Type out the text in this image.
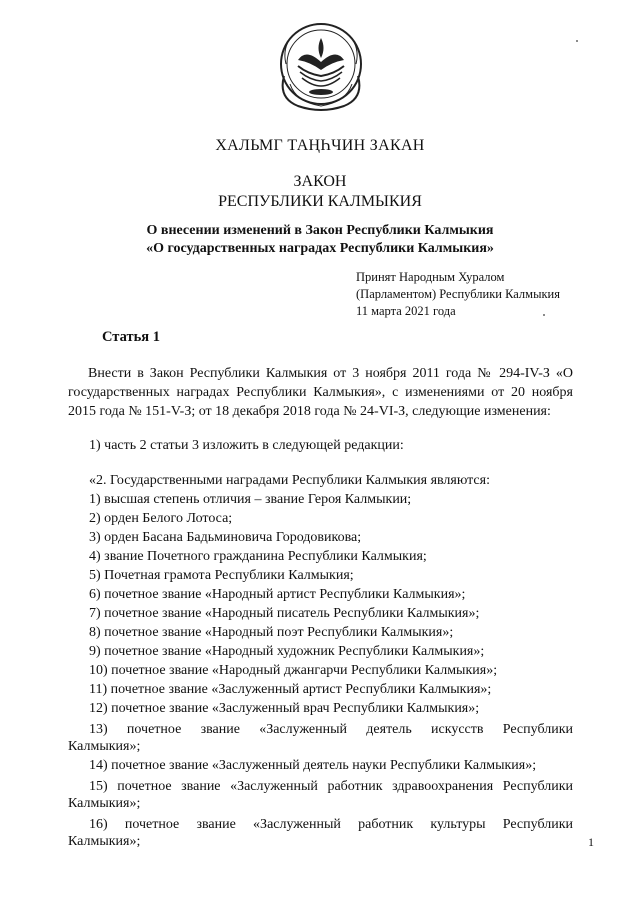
ХАЛЬМГ ТАҢҺЧИН ЗАКАН
ЗАКОН
РЕСПУБЛИКИ КАЛМЫКИЯ
О внесении изменений в Закон Республики Калмыкия
«О государственных наградах Республики Калмыкия»
Принят Народным Хуралом
(Парламентом) Республики Калмыкия
11 марта 2021 года
Статья 1
Внести в Закон Республики Калмыкия от 3 ноября 2011 года № 294-IV-З «О государственных наградах Республики Калмыкия», с изменениями от 20 ноября 2015 года № 151-V-З; от 18 декабря 2018 года № 24-VI-З, следующие изменения:
1) часть 2 статьи 3 изложить в следующей редакции:
«2. Государственными наградами Республики Калмыкия являются:
1) высшая степень отличия – звание Героя Калмыкии;
2) орден Белого Лотоса;
3) орден Басана Бадьминовича Городовикова;
4) звание Почетного гражданина Республики Калмыкия;
5) Почетная грамота Республики Калмыкия;
6) почетное звание «Народный артист Республики Калмыкия»;
7) почетное звание «Народный писатель Республики Калмыкия»;
8) почетное звание «Народный поэт Республики Калмыкия»;
9) почетное звание «Народный художник Республики Калмыкия»;
10) почетное звание «Народный джангарчи Республики Калмыкия»;
11) почетное звание «Заслуженный артист Республики Калмыкия»;
12) почетное звание «Заслуженный врач Республики Калмыкия»;
13) почетное звание «Заслуженный деятель искусств Республики
Калмыкия»;
14) почетное звание «Заслуженный деятель науки Республики Калмыкия»;
15) почетное звание «Заслуженный работник здравоохранения Республики
Калмыкия»;
16) почетное звание «Заслуженный работник культуры Республики
Калмыкия»;	1
